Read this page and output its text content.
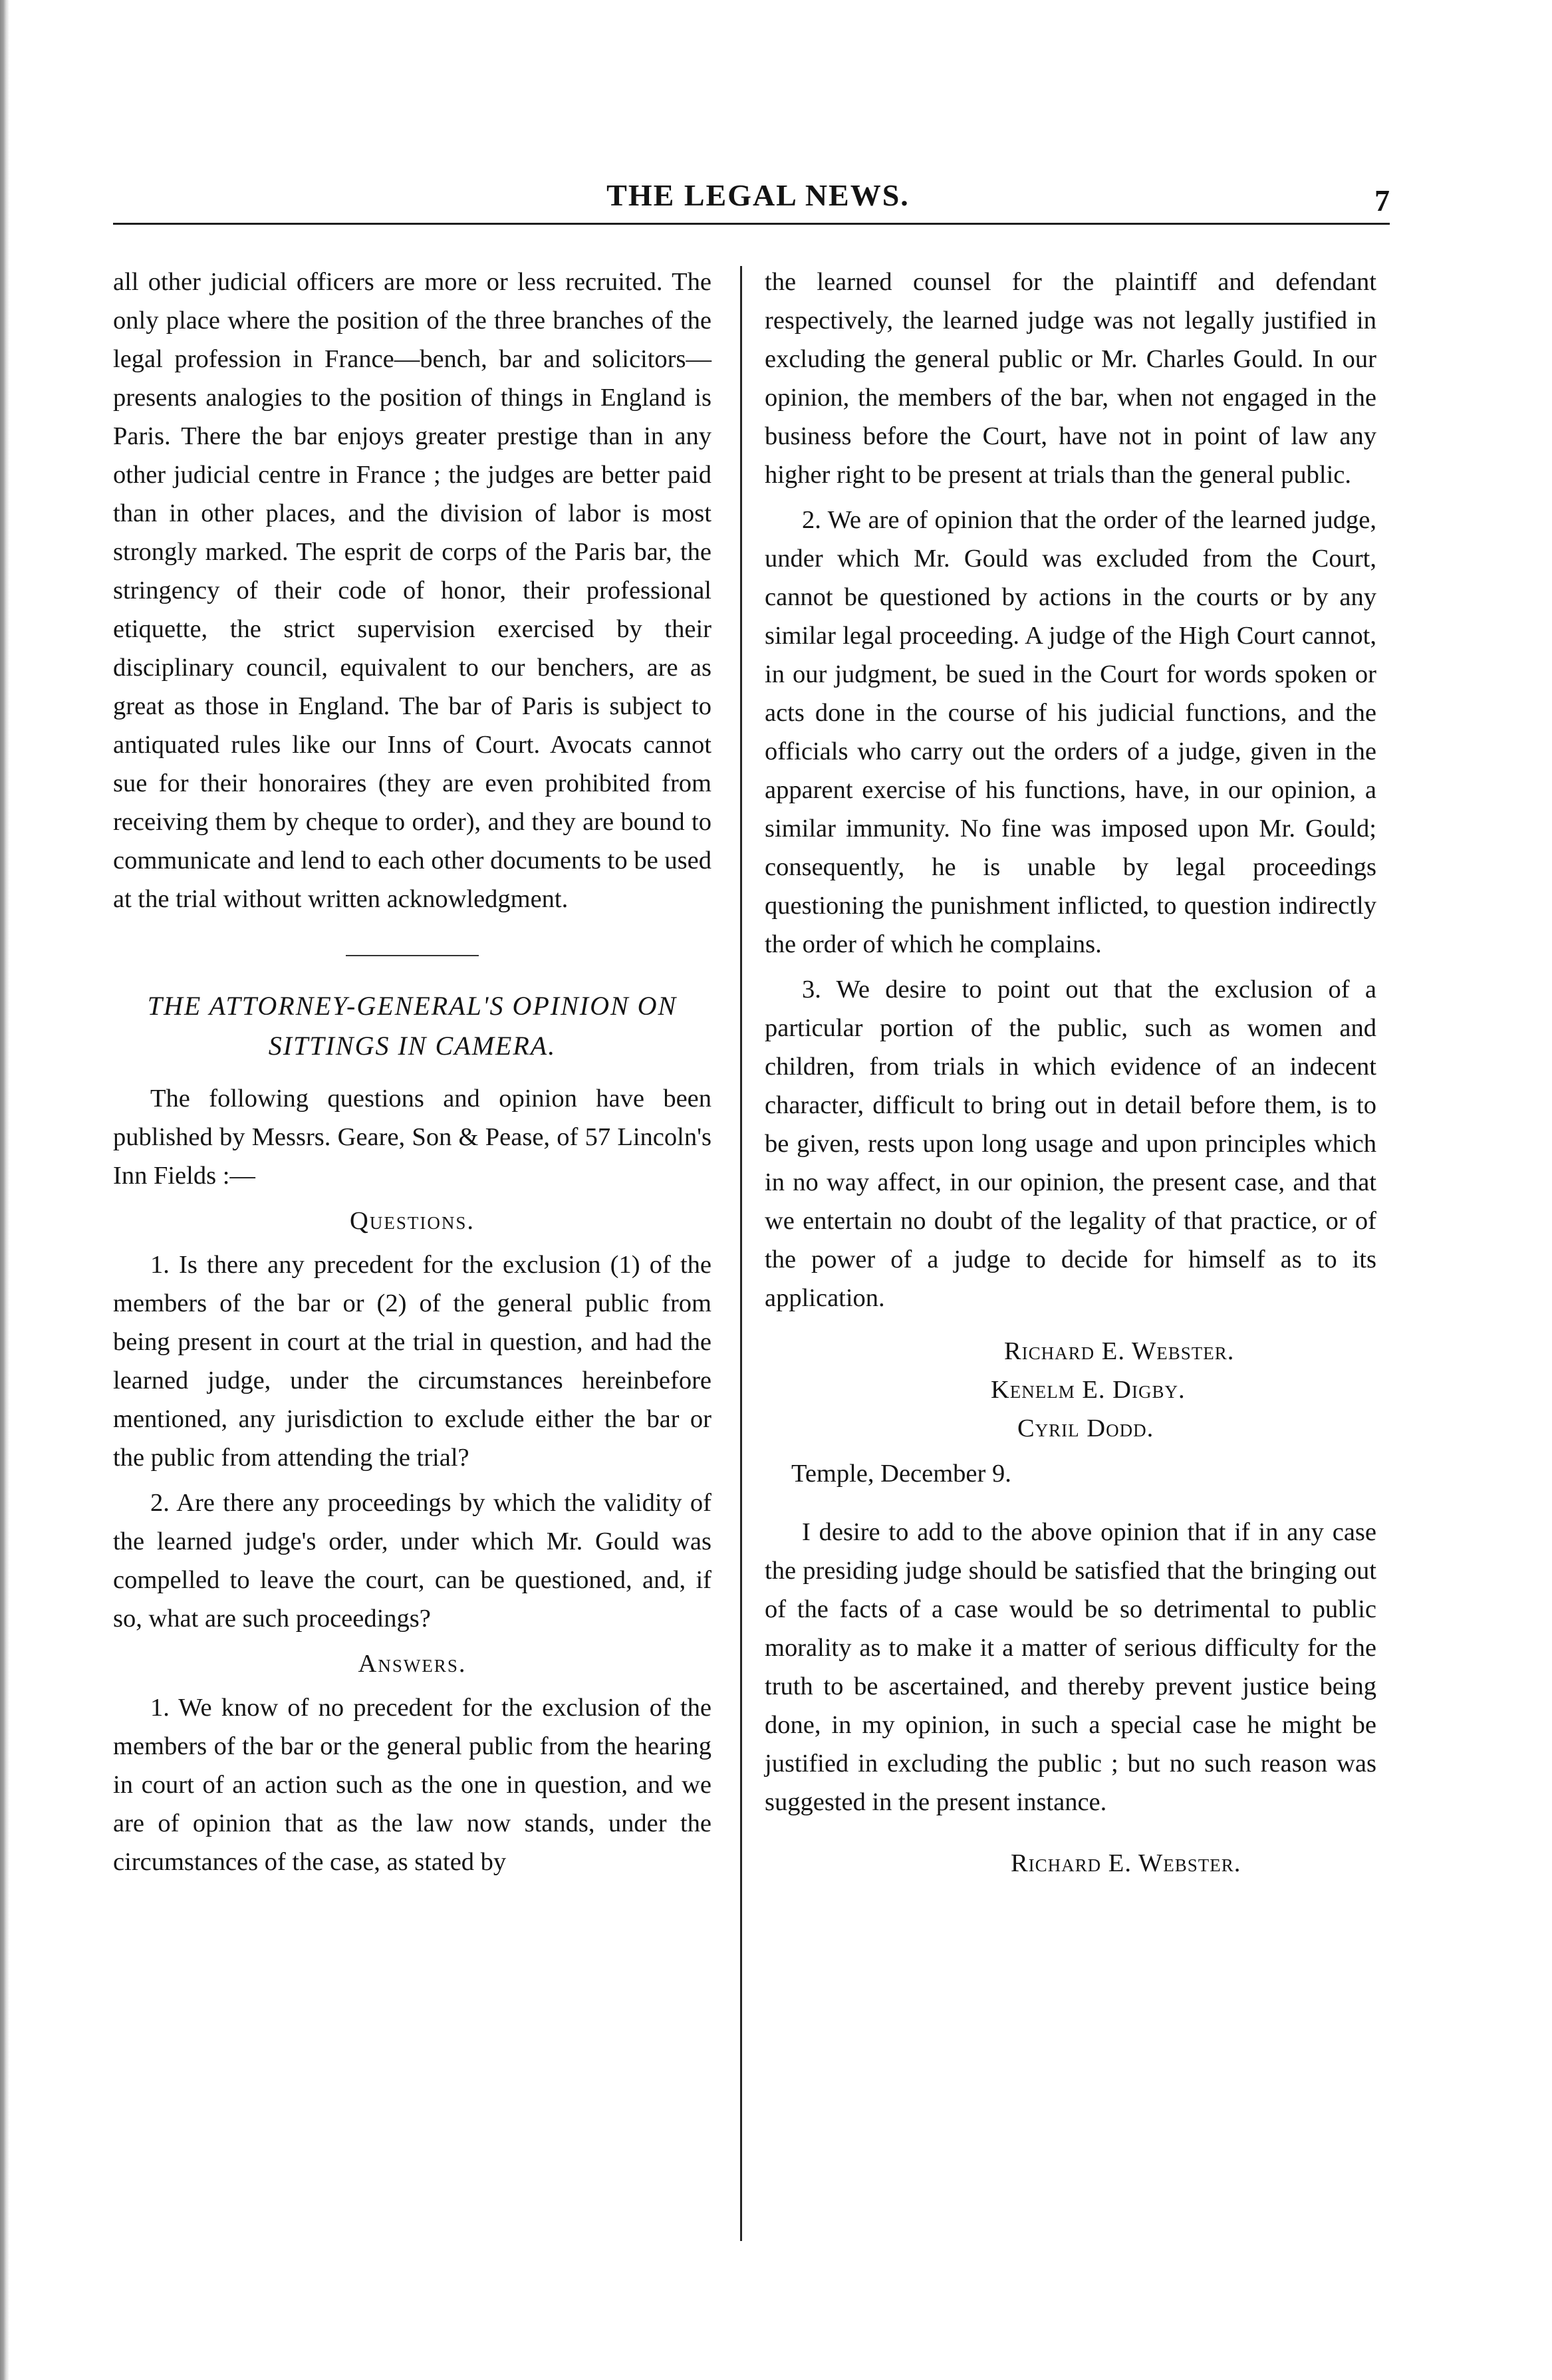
THE LEGAL NEWS.	7

all other judicial officers are more or less recruited. The only place where the position of the three branches of the legal profession in France—bench, bar and solicitors—presents analogies to the position of things in England is Paris. There the bar enjoys greater prestige than in any other judicial centre in France ; the judges are better paid than in other places, and the division of labor is most strongly marked. The esprit de corps of the Paris bar, the stringency of their code of honor, their professional etiquette, the strict supervision exercised by their disciplinary council, equivalent to our benchers, are as great as those in England. The bar of Paris is subject to antiquated rules like our Inns of Court. Avocats cannot sue for their honoraires (they are even prohibited from receiving them by cheque to order), and they are bound to communicate and lend to each other documents to be used at the trial without written acknowledgment.

THE ATTORNEY-GENERAL'S OPINION ON SITTINGS IN CAMERA.

The following questions and opinion have been published by Messrs. Geare, Son & Pease, of 57 Lincoln's Inn Fields :—

Questions.

1. Is there any precedent for the exclusion (1) of the members of the bar or (2) of the general public from being present in court at the trial in question, and had the learned judge, under the circumstances hereinbefore mentioned, any jurisdiction to exclude either the bar or the public from attending the trial?

2. Are there any proceedings by which the validity of the learned judge's order, under which Mr. Gould was compelled to leave the court, can be questioned, and, if so, what are such proceedings?

Answers.

1. We know of no precedent for the exclusion of the members of the bar or the general public from the hearing in court of an action such as the one in question, and we are of opinion that as the law now stands, under the circumstances of the case, as stated by

the learned counsel for the plaintiff and defendant respectively, the learned judge was not legally justified in excluding the general public or Mr. Charles Gould. In our opinion, the members of the bar, when not engaged in the business before the Court, have not in point of law any higher right to be present at trials than the general public.

2. We are of opinion that the order of the learned judge, under which Mr. Gould was excluded from the Court, cannot be questioned by actions in the courts or by any similar legal proceeding. A judge of the High Court cannot, in our judgment, be sued in the Court for words spoken or acts done in the course of his judicial functions, and the officials who carry out the orders of a judge, given in the apparent exercise of his functions, have, in our opinion, a similar immunity. No fine was imposed upon Mr. Gould; consequently, he is unable by legal proceedings questioning the punishment inflicted, to question indirectly the order of which he complains.

3. We desire to point out that the exclusion of a particular portion of the public, such as women and children, from trials in which evidence of an indecent character, difficult to bring out in detail before them, is to be given, rests upon long usage and upon principles which in no way affect, in our opinion, the present case, and that we entertain no doubt of the legality of that practice, or of the power of a judge to decide for himself as to its application.

Richard E. Webster.
Kenelm E. Digby.
Cyril Dodd.
Temple, December 9.

I desire to add to the above opinion that if in any case the presiding judge should be satisfied that the bringing out of the facts of a case would be so detrimental to public morality as to make it a matter of serious difficulty for the truth to be ascertained, and thereby prevent justice being done, in my opinion, in such a special case he might be justified in excluding the public ; but no such reason was suggested in the present instance.

Richard E. Webster.
